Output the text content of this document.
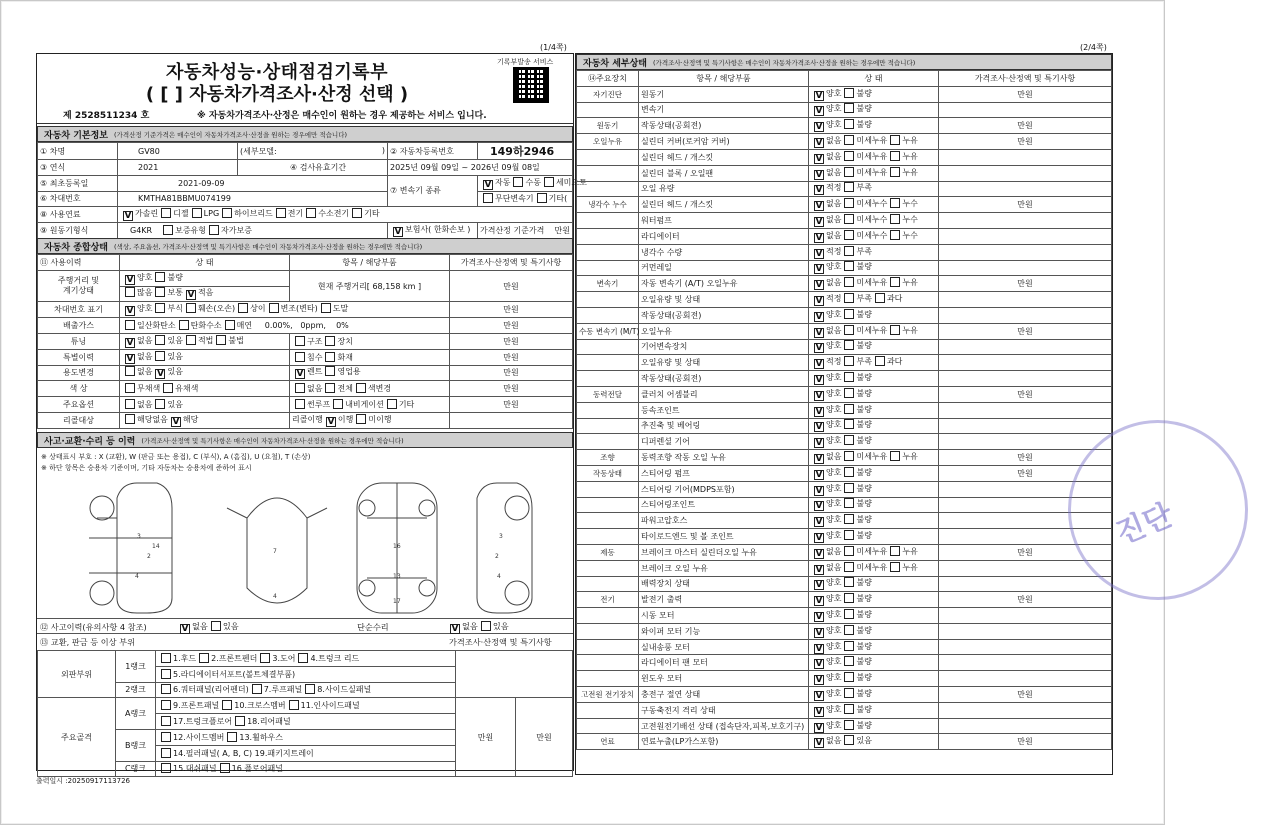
(1/4쪽)
자동차성능·상태점검기록부
( [ ] 자동차가격조사·산정 선택 )
기록부발송 서비스
제 2528511234 호	※ 자동차가격조사·산정은 매수인이 원하는 경우 제공하는 서비스 입니다.
자동차 기본정보 (가격산정 기준가격은 매수인이 자동차가격조사·산정을 원하는 경우에만 적습니다)
① 차명	GV80	(세부모델: )	② 자동차등록번호	149하2946
③ 연식	2021	④ 검사유효기간	2025년 09월 09일 ~ 2026년 09월 08일	
⑤ 최초등록일	2021-09-09		⑦ 변속기 종류	V 자동 수동 세미오토
⑥ 차대번호	KMTHA81BBMU074199			무단변속기 기타(
⑧ 사용연료	V 가솔린 디젤 LPG 하이브리드 전기 수소전기 기타			
⑨ 원동기형식	G4KR 보증유형 자가보증		V 보험사( 한화손보 )	가격산정 기준가격 만원
자동차 종합상태 (색상, 주요옵션, 가격조사·산정액 및 특기사항은 매수인이 자동차가격조사·산정을 원하는 경우에만 적습니다)
⑪ 사용이력	상 태	항목 / 해당부품	가격조사·산정액 및 특기사항
주행거리 및
계기상태	V 양호 불량	현재 주행거리[ 68,158 km ]	만원
	많음 보통 V 적음		
차대번호 표기	V 양호 부식 훼손(오손) 상이 변조(변타) 도말		만원
배출가스	일산화탄소 탄화수소 매연     0.00%,   0ppm,    0%		만원
튜닝	V 없음 있음 적법 불법	구조 장치	만원
특별이력	V 없음 있음	침수 화재	만원
용도변경	없음 V 있음	V 렌트 영업용	만원
색 상	무채색 유채색	없음 전체 색변경	만원
주요옵션	없음 있음	썬루프 내비게이션 기타	만원
리콜대상	해당없음 V 해당	리콜이행 V 이행 미이행	
사고·교환·수리 등 이력 (가격조사·산정액 및 특기사항은 매수인이 자동차가격조사·산정을 원하는 경우에만 적습니다)
※ 상태표시 부호 : X (교환), W (판금 또는 용접), C (부식), A (흠집), U (요철), T (손상)
※ 하단 항목은 승용차 기준이며, 기타 자동차는 승용차에 준하여 표시
3
2
4
14
7
4
16
13
17
3
2
4
⑫ 사고이력(유의사항 4 참조)	V 없음 있음	단순수리	V 없음 있음
⑬ 교환, 판금 등 이상 부위	가격조사·산정액 및 특기사항
외판부위	1랭크	1.후드 2.프론트펜더 3.도어 4.트렁크 리드		
		5.라디에이터서포트(볼트체결부품)		
	2랭크	6.쿼터패널(리어펜더) 7.루프패널 8.사이드실패널		
주요골격	A랭크	9.프론트패널 10.크로스멤버 11.인사이드패널	만원	만원
		17.트렁크플로어 18.리어패널		
	B랭크	12.사이드멤버 13.휠하우스		
		14.필러패널( A, B, C) 19.패키지트레이		
	C랭크	15.대쉬패널 16.플로어패널		
출력일시 :20250917113726
(2/4쪽)
자동차 세부상태 (가격조사·산정액 및 특기사항은 매수인이 자동차가격조사·산정을 원하는 경우에만 적습니다)
⑭주요장치	항목 / 해당부품	상 태	가격조사·산정액 및 특기사항
자기진단	원동기	V 양호 불량	만원
	변속기	V 양호 불량	
원동기	작동상태(공회전)	V 양호 불량	만원
오일누유	실린더 커버(로커암 커버)	V 없음 미세누유 누유	만원
	실린더 헤드 / 개스킷	V 없음 미세누유 누유	
	실린더 블록 / 오일팬	V 없음 미세누유 누유	
	오일 유량	V 적정 부족	
냉각수 누수	실린더 헤드 / 개스킷	V 없음 미세누수 누수	만원
	워터펌프	V 없음 미세누수 누수	
	라디에이터	V 없음 미세누수 누수	
	냉각수 수량	V 적정 부족	
	커먼레일	V 양호 불량	
변속기	자동 변속기 (A/T) 오일누유	V 없음 미세누유 누유	만원
	오일유량 및 상태	V 적정 부족 과다	
	작동상태(공회전)	V 양호 불량	
수동 변속기 (M/T)	오일누유	V 없음 미세누유 누유	만원
	기어변속장치	V 양호 불량	
	오일유량 및 상태	V 적정 부족 과다	
	작동상태(공회전)	V 양호 불량	
동력전달	클러치 어셈블리	V 양호 불량	만원
	등속조인트	V 양호 불량	
	추진축 및 베어링	V 양호 불량	
	디퍼렌셜 기어	V 양호 불량	
조향	동력조향 작동 오일 누유	V 없음 미세누유 누유	만원
작동상태	스티어링 펌프	V 양호 불량	만원
	스티어링 기어(MDPS포함)	V 양호 불량	
	스티어링조인트	V 양호 불량	
	파워고압호스	V 양호 불량	
	타이로드엔드 및 볼 조인트	V 양호 불량	
제동	브레이크 마스터 실린더오일 누유	V 없음 미세누유 누유	만원
	브레이크 오일 누유	V 없음 미세누유 누유	
	배력장치 상태	V 양호 불량	
전기	발전기 출력	V 양호 불량	만원
	시동 모터	V 양호 불량	
	와이퍼 모터 기능	V 양호 불량	
	실내송풍 모터	V 양호 불량	
	라디에이터 팬 모터	V 양호 불량	
	윈도우 모터	V 양호 불량	
고전원 전기장치	충전구 절연 상태	V 양호 불량	만원
	구동축전지 격리 상태	V 양호 불량	
	고전원전기배선 상태 (접속단자,피복,보호기구)	V 양호 불량	
연료	연료누출(LP가스포함)	V 없음 있음	만원
진단
